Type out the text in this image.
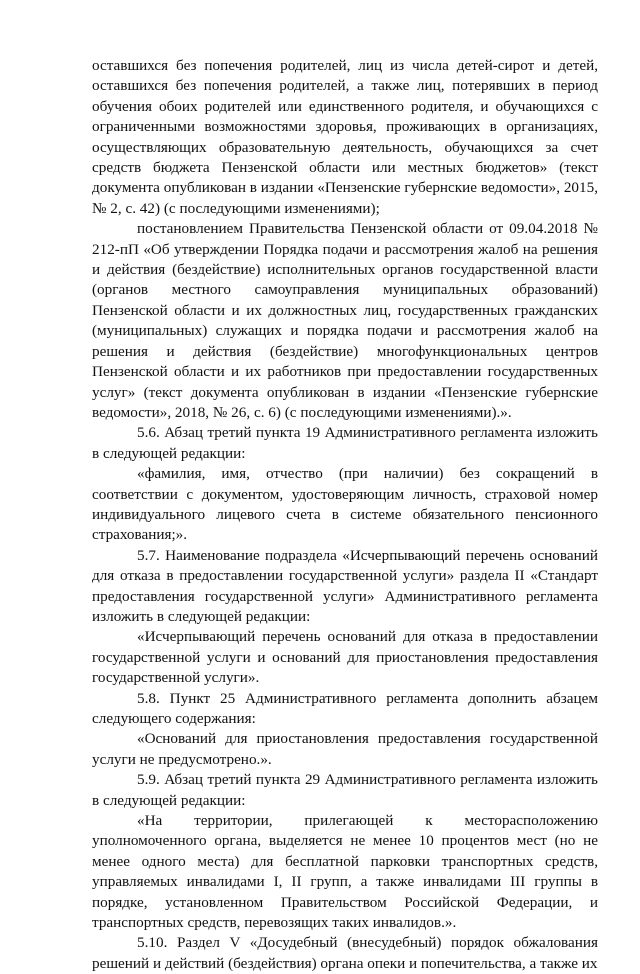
оставшихся без попечения родителей, лиц из числа детей-сирот и детей, оставшихся без попечения родителей, а также лиц, потерявших в период обучения обоих родителей или единственного родителя, и обучающихся с ограниченными возможностями здоровья, проживающих в организациях, осуществляющих образовательную деятельность, обучающихся за счет средств бюджета Пензенской области или местных бюджетов» (текст документа опубликован в издании «Пензенские губернские ведомости», 2015, № 2, с. 42) (с последующими изменениями);

постановлением Правительства Пензенской области от 09.04.2018 № 212-пП «Об утверждении Порядка подачи и рассмотрения жалоб на решения и действия (бездействие) исполнительных органов государственной власти (органов местного самоуправления муниципальных образований) Пензенской области и их должностных лиц, государственных гражданских (муниципальных) служащих и порядка подачи и рассмотрения жалоб на решения и действия (бездействие) многофункциональных центров Пензенской области и их работников при предоставлении государственных услуг» (текст документа опубликован в издании «Пензенские губернские ведомости», 2018, № 26, с. 6) (с последующими изменениями).».

5.6. Абзац третий пункта 19 Административного регламента изложить в следующей редакции:

«фамилия, имя, отчество (при наличии) без сокращений в соответствии с документом, удостоверяющим личность, страховой номер индивидуального лицевого счета в системе обязательного пенсионного страхования;».

5.7. Наименование подраздела «Исчерпывающий перечень оснований для отказа в предоставлении государственной услуги» раздела II «Стандарт предоставления государственной услуги» Административного регламента изложить в следующей редакции:

«Исчерпывающий перечень оснований для отказа в предоставлении государственной услуги и оснований для приостановления предоставления государственной услуги».

5.8. Пункт 25 Административного регламента дополнить абзацем следующего содержания:

«Оснований для приостановления предоставления государственной услуги не предусмотрено.».

5.9. Абзац третий пункта 29 Административного регламента изложить в следующей редакции:

«На территории, прилегающей к месторасположению уполномоченного органа, выделяется не менее 10 процентов мест (но не менее одного места) для бесплатной парковки транспортных средств, управляемых инвалидами I, II групп, а также инвалидами III группы в порядке, установленном Правительством Российской Федерации, и транспортных средств, перевозящих таких инвалидов.».

5.10. Раздел V «Досудебный (внесудебный) порядок обжалования решений и действий (бездействия) органа опеки и попечительства, а также их
